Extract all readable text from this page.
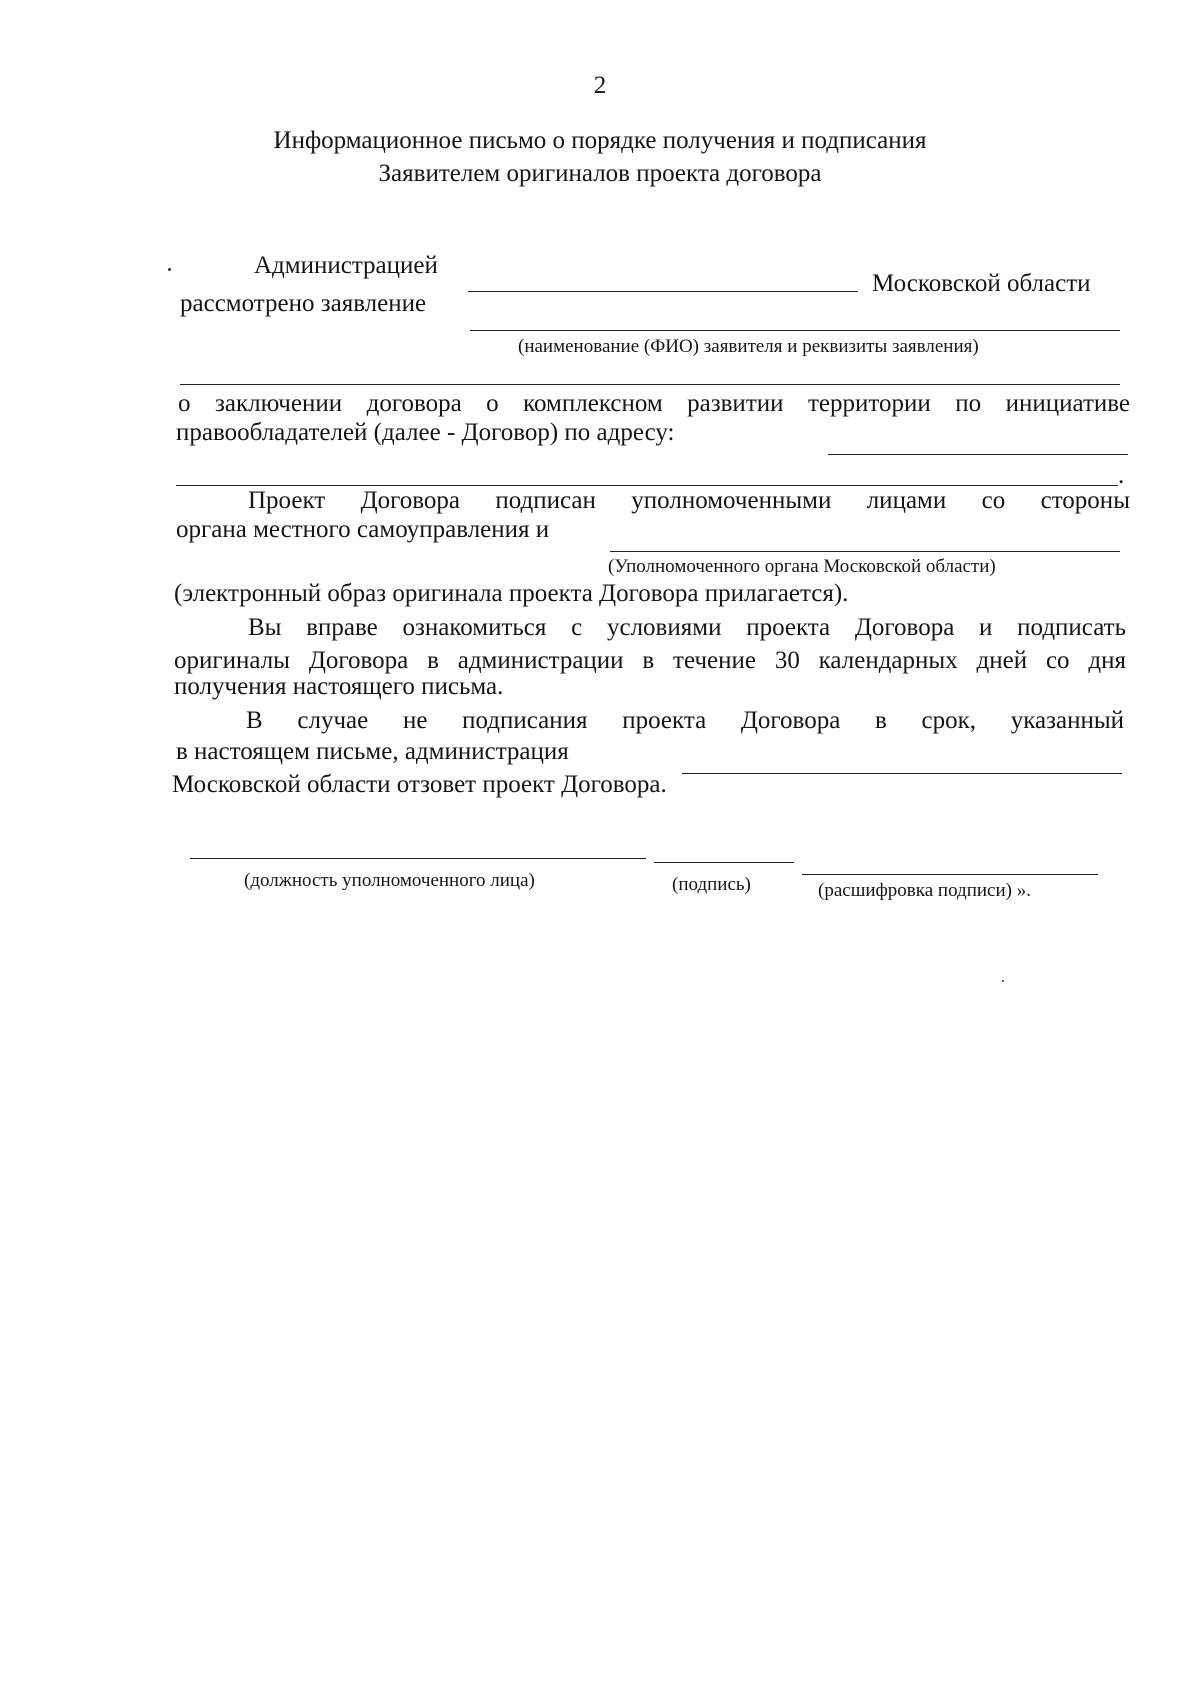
2
Информационное письмо о порядке получения и подписания
Заявителем оригиналов проекта договора
Администрацией
Московской области
рассмотрено заявление
(наименование (ФИО) заявителя и реквизиты заявления)
о заключении договора о комплексном развитии территории по инициативе
правообладателей (далее - Договор) по адресу:
.
Проект Договора подписан уполномоченными лицами со стороны
органа местного самоуправления и
(Уполномоченного органа Московской области)
(электронный образ оригинала проекта Договора прилагается).
Вы вправе ознакомиться с условиями проекта Договора и подписать
оригиналы Договора в администрации в течение 30 календарных дней со дня
получения настоящего письма.
В случае не подписания проекта Договора в срок, указанный
в настоящем письме, администрация
Московской области отзовет проект Договора.
(должность уполномоченного лица)	(подпись)	(расшифровка подписи) ».
